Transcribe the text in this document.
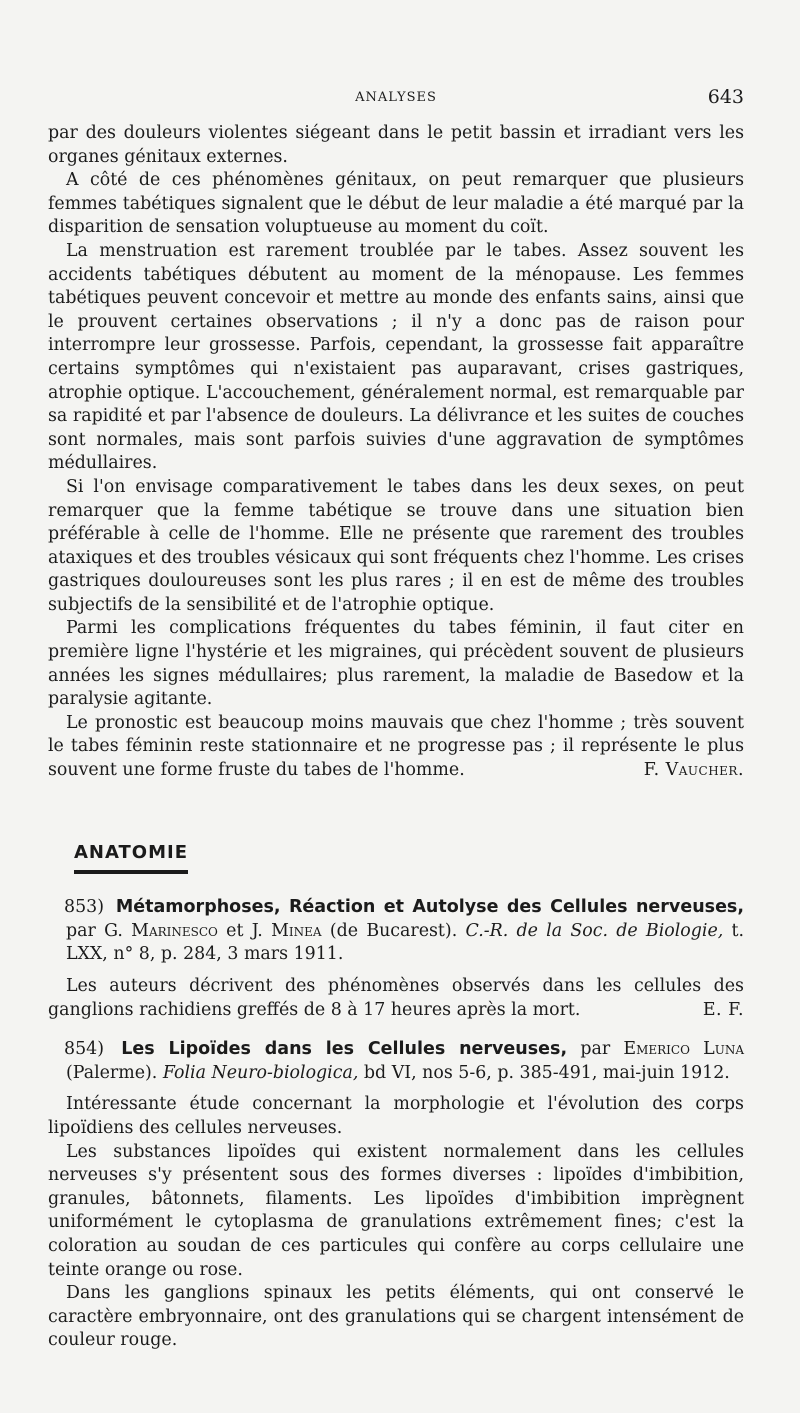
ANALYSES	643

par des douleurs violentes siégeant dans le petit bassin et irradiant vers les organes génitaux externes.

A côté de ces phénomènes génitaux, on peut remarquer que plusieurs femmes tabétiques signalent que le début de leur maladie a été marqué par la disparition de sensation voluptueuse au moment du coït.

La menstruation est rarement troublée par le tabes. Assez souvent les accidents tabétiques débutent au moment de la ménopause. Les femmes tabétiques peuvent concevoir et mettre au monde des enfants sains, ainsi que le prouvent certaines observations ; il n'y a donc pas de raison pour interrompre leur grossesse. Parfois, cependant, la grossesse fait apparaître certains symptômes qui n'existaient pas auparavant, crises gastriques, atrophie optique. L'accouchement, généralement normal, est remarquable par sa rapidité et par l'absence de douleurs. La délivrance et les suites de couches sont normales, mais sont parfois suivies d'une aggravation de symptômes médullaires.

Si l'on envisage comparativement le tabes dans les deux sexes, on peut remarquer que la femme tabétique se trouve dans une situation bien préférable à celle de l'homme. Elle ne présente que rarement des troubles ataxiques et des troubles vésicaux qui sont fréquents chez l'homme. Les crises gastriques douloureuses sont les plus rares ; il en est de même des troubles subjectifs de la sensibilité et de l'atrophie optique.

Parmi les complications fréquentes du tabes féminin, il faut citer en première ligne l'hystérie et les migraines, qui précèdent souvent de plusieurs années les signes médullaires; plus rarement, la maladie de Basedow et la paralysie agitante.

Le pronostic est beaucoup moins mauvais que chez l'homme ; très souvent le tabes féminin reste stationnaire et ne progresse pas ; il représente le plus souvent une forme fruste du tabes de l'homme.	F. Vaucher.

ANATOMIE
853) Métamorphoses, Réaction et Autolyse des Cellules nerveuses, par G. Marinesco et J. Minea (de Bucarest). C.-R. de la Soc. de Biologie, t. LXX, n° 8, p. 284, 3 mars 1911.

Les auteurs décrivent des phénomènes observés dans les cellules des ganglions rachidiens greffés de 8 à 17 heures après la mort.	E. F.

854) Les Lipoïdes dans les Cellules nerveuses, par Emerico Luna (Palerme). Folia Neuro-biologica, bd VI, nos 5-6, p. 385-491, mai-juin 1912.

Intéressante étude concernant la morphologie et l'évolution des corps lipoïdiens des cellules nerveuses.

Les substances lipoïdes qui existent normalement dans les cellules nerveuses s'y présentent sous des formes diverses : lipoïdes d'imbibition, granules, bâtonnets, filaments. Les lipoïdes d'imbibition imprègnent uniformément le cytoplasma de granulations extrêmement fines; c'est la coloration au soudan de ces particules qui confère au corps cellulaire une teinte orange ou rose.

Dans les ganglions spinaux les petits éléments, qui ont conservé le caractère embryonnaire, ont des granulations qui se chargent intensément de couleur rouge.
